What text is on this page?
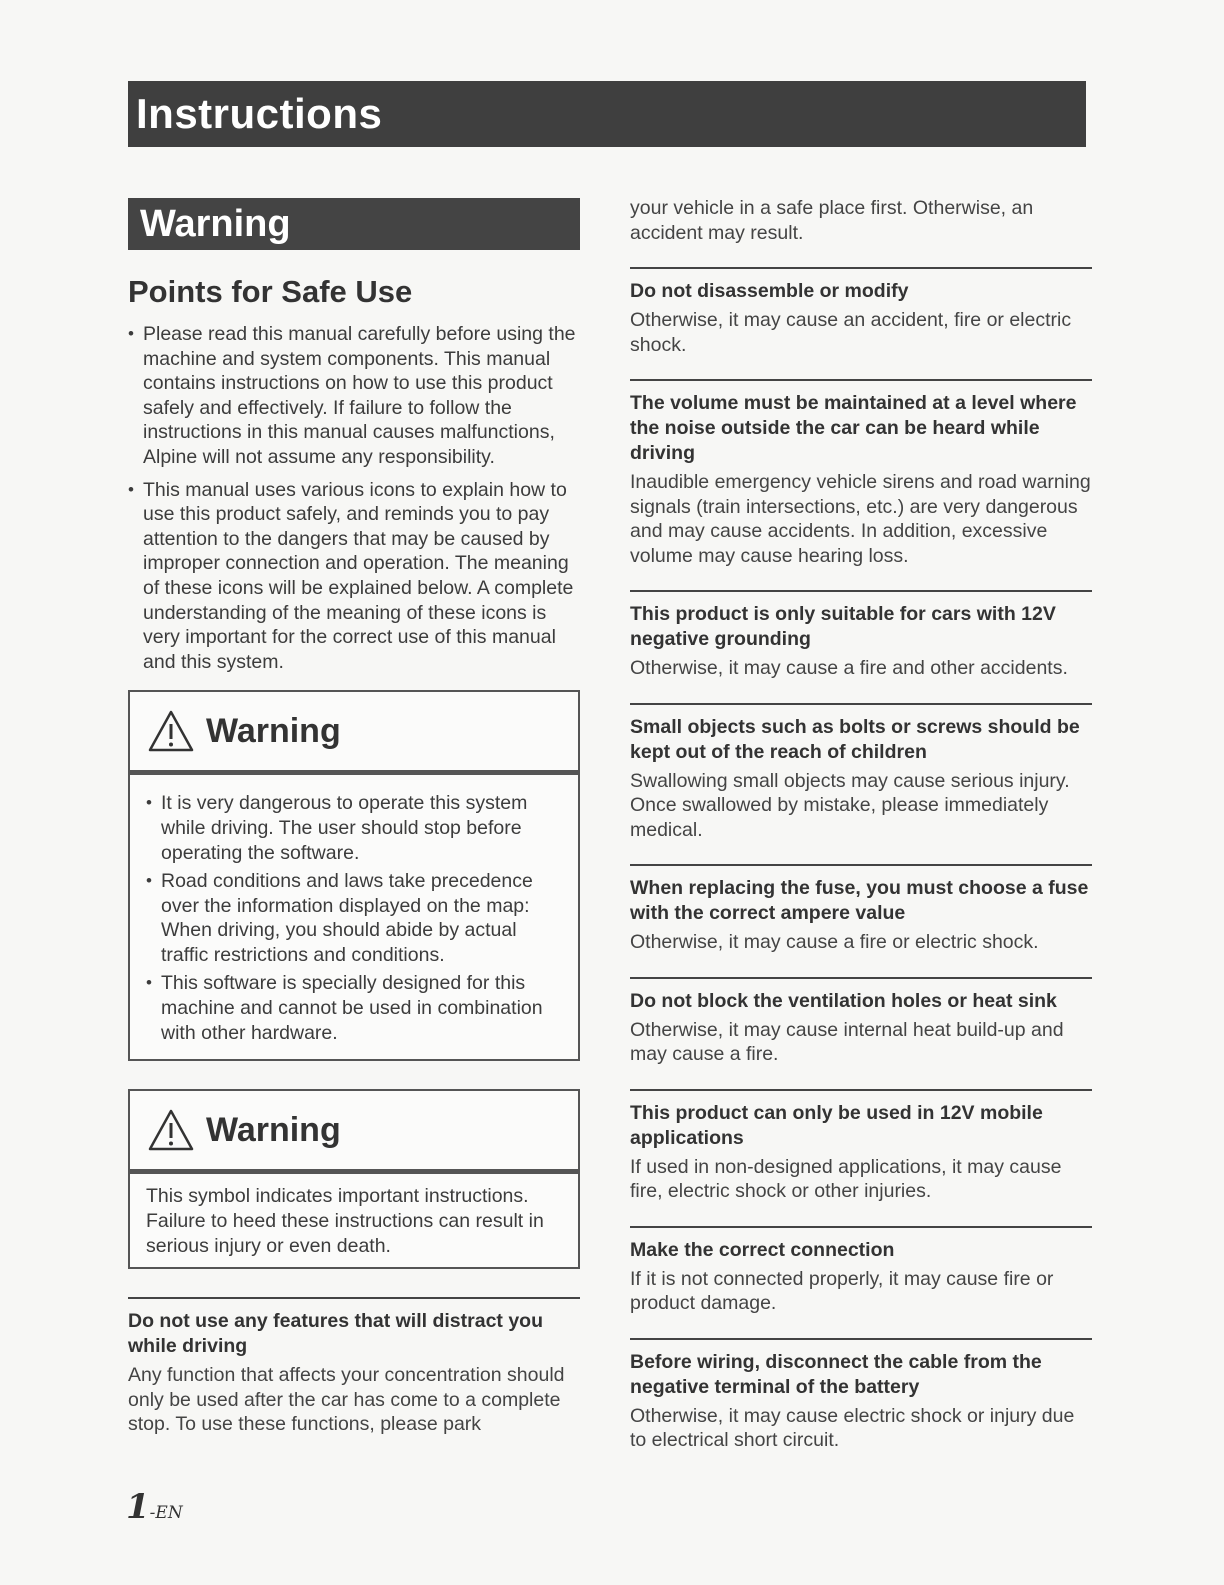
Instructions
Warning
Points for Safe Use
• Please read this manual carefully before using the machine and system components. This manual contains instructions on how to use this product safely and effectively. If failure to follow the instructions in this manual causes malfunctions, Alpine will not assume any responsibility.
• This manual uses various icons to explain how to use this product safely, and reminds you to pay attention to the dangers that may be caused by improper connection and operation. The meaning of these icons will be explained below. A complete understanding of the meaning of these icons is very important for the correct use of this manual and this system.
Warning
• It is very dangerous to operate this system while driving. The user should stop before operating the software.
• Road conditions and laws take precedence over the information displayed on the map: When driving, you should abide by actual traffic restrictions and conditions.
• This software is specially designed for this machine and cannot be used in combination with other hardware.
Warning

This symbol indicates important instructions. Failure to heed these instructions can result in serious injury or even death.

Do not use any features that will distract you while driving

Any function that affects your concentration should only be used after the car has come to a complete stop. To use these functions, please park

your vehicle in a safe place first. Otherwise, an accident may result.

Do not disassemble or modify

Otherwise, it may cause an accident, fire or electric shock.

The volume must be maintained at a level where the noise outside the car can be heard while driving

Inaudible emergency vehicle sirens and road warning signals (train intersections, etc.) are very dangerous and may cause accidents. In addition, excessive volume may cause hearing loss.

This product is only suitable for cars with 12V negative grounding

Otherwise, it may cause a fire and other accidents.

Small objects such as bolts or screws should be kept out of the reach of children

Swallowing small objects may cause serious injury. Once swallowed by mistake, please immediately medical.

When replacing the fuse, you must choose a fuse with the correct ampere value

Otherwise, it may cause a fire or electric shock.

Do not block the ventilation holes or heat sink

Otherwise, it may cause internal heat build-up and may cause a fire.

This product can only be used in 12V mobile applications

If used in non-designed applications, it may cause fire, electric shock or other injuries.

Make the correct connection

If it is not connected properly, it may cause fire or product damage.

Before wiring, disconnect the cable from the negative terminal of the battery

Otherwise, it may cause electric shock or injury due to electrical short circuit.

1-EN
